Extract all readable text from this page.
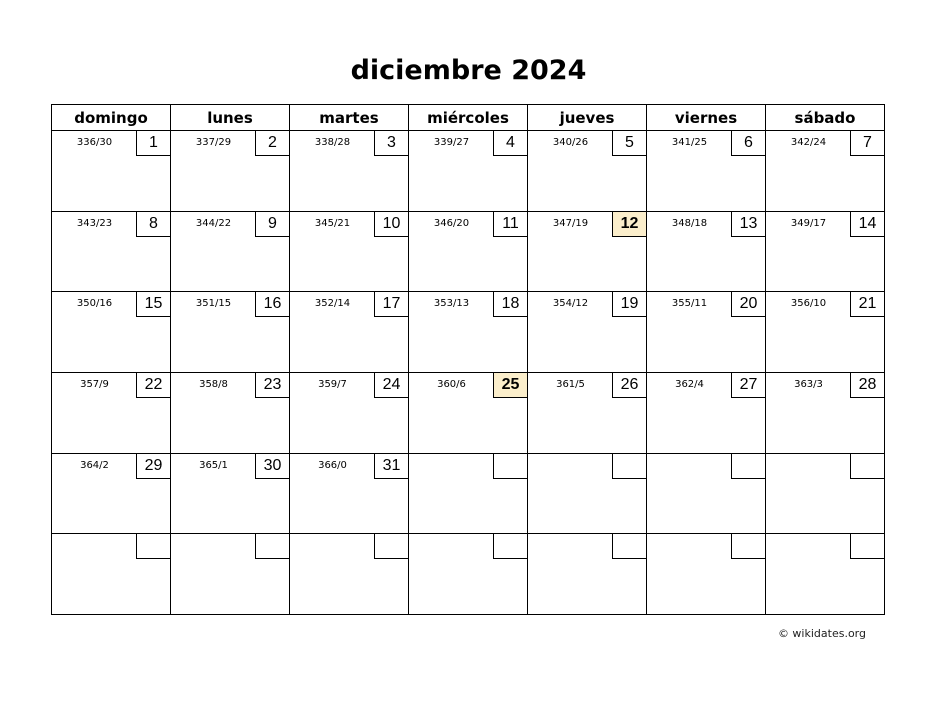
diciembre 2024
domingo	lunes	martes	miércoles	jueves	viernes	sábado
336/30	1	337/29	2	338/28	3	339/27	4	340/26	5	341/25	6	342/24	7
343/23	8	344/22	9	345/21	10	346/20	11	347/19	12	348/18	13	349/17	14
350/16	15	351/15	16	352/14	17	353/13	18	354/12	19	355/11	20	356/10	21
357/9	22	358/8	23	359/7	24	360/6	25	361/5	26	362/4	27	363/3	28
364/2	29	365/1	30	366/0	31
© wikidates.org
